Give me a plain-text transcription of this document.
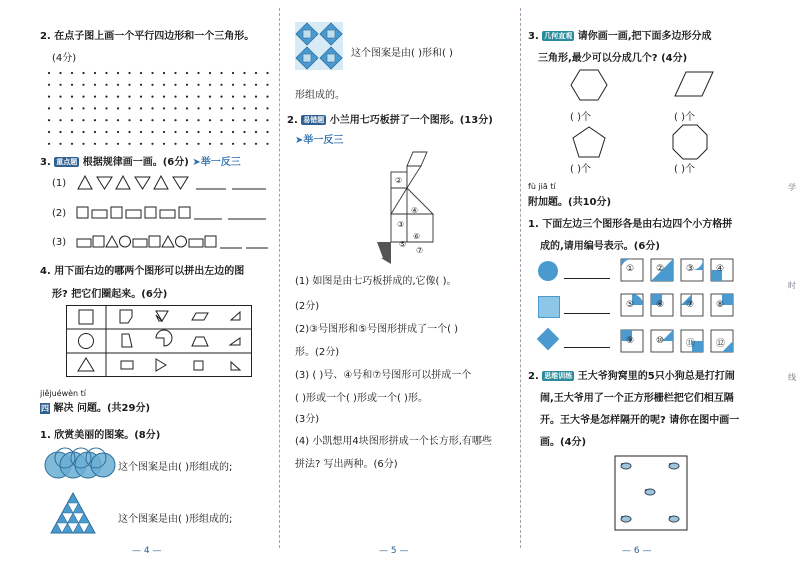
2. 在点子图上画一个平行四边形和一个三角形。
(4分)
3. 重点题 根据规律画一画。(6分) ➤举一反三
(1)
(2)
(3)
4. 用下面右边的哪两个图形可以拼出左边的图
形? 把它们圈起来。(6分)
jiějuéwèn tí
四 解决 问题。(共29分)
1. 欣赏美丽的图案。(8分)
这个图案是由( )形组成的;
这个图案是由( )形组成的;
— 4 —
这个图案是由( )形和( )
形组成的。
2. 易错题 小兰用七巧板拼了一个图形。(13分)
➤举一反三
②
④
③
⑤
⑥
⑦
(1) 如图是由七巧板拼成的,它像( )。
(2分)
(2)③号图形和⑤号图形拼成了一个( )
形。(2分)
(3) ( )号、④号和⑦号图形可以拼成一个
( )形或一个( )形或一个( )形。
(3分)
(4) 小凯想用4块图形拼成一个长方形,有哪些
拼法? 写出两种。(6分)
— 5 —
3. 几何直观 请你画一画,把下面多边形分成
三角形,最少可以分成几个? (4分)
( )个	( )个
( )个	( )个
fù jiā tí
附加题。(共10分)
1. 下面左边三个图形各是由右边四个小方格拼
成的,请用编号表示。(6分)
① ② ③ ④
⑤ ⑥ ⑦ ⑧
⑨ ⑩ ⑪ ⑫
2. 思维训练 王大爷狗窝里的5只小狗总是打打闹
闹,王大爷用了一个正方形栅栏把它们相互隔
开。王大爷是怎样隔开的呢? 请你在图中画一
画。(4分)
学
时
线
— 6 —
